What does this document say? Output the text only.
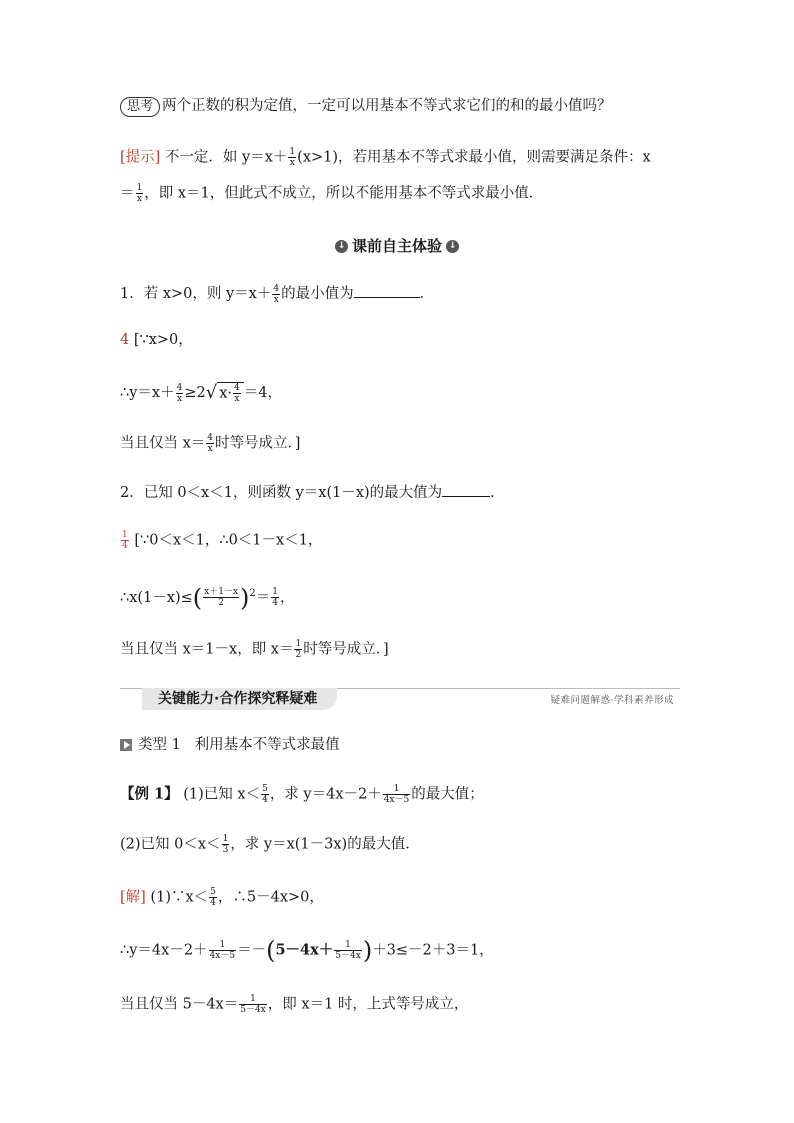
思考 两个正数的积为定值，一定可以用基本不等式求它们的和的最小值吗？
[提示] 不一定．如 $y=x+ \frac{1}{x} (x>1)$，若用基本不等式求最小值，则需要满足条件：x
＝ $\frac{1}{x}$ ，即 x＝1，但此式不成立，所以不能用基本不等式求最小值．
↓ 课前自主体验 ↓
1．若 x>0，则 $y=x+ \frac{4}{x}$ 的最小值为	．
4 [∵x>0，
∴y＝x＋ $\frac{4}{x} \ge 2√$ $x\cdot \frac{4}{x} =4$，
当且仅当 $x= \frac{4}{x}$ 时等号成立．]
2．已知 0＜x＜1，则函数 y＝x(1－x)的最大值为	．
$\frac{1}{4}$ [∵0＜x＜1，∴0＜1－x＜1，
∴x(1－x)≤( $\frac{x+1-x}{2} )^2= \frac{1}{4}$ ，
当且仅当 x＝1－x，即 $x= \frac{1}{2}$ 时等号成立．]
关键能力·合作探究释疑难	疑难问题解惑·学科素养形成
类型 1 利用基本不等式求最值
【例 1】 (1)已知 $x< \frac{5}{4}$ ，求 $y=4x-2+ \frac{1}{4x-5}$ 的最大值；
(2)已知 $0<x< \frac{1}{3}$ ，求 y＝x(1－3x)的最大值．
[解] (1)∵x＜ $\frac{5}{4}$ ，∴5－4x>0，
∴y＝4x－2＋ $\frac{1}{4x-5} =-(5-4x+ \frac{1}{5-4x} )+3\le-2+3=1$，
当且仅当 $5-4x= \frac{1}{5-4x}$ ，即 x＝1 时，上式等号成立，
